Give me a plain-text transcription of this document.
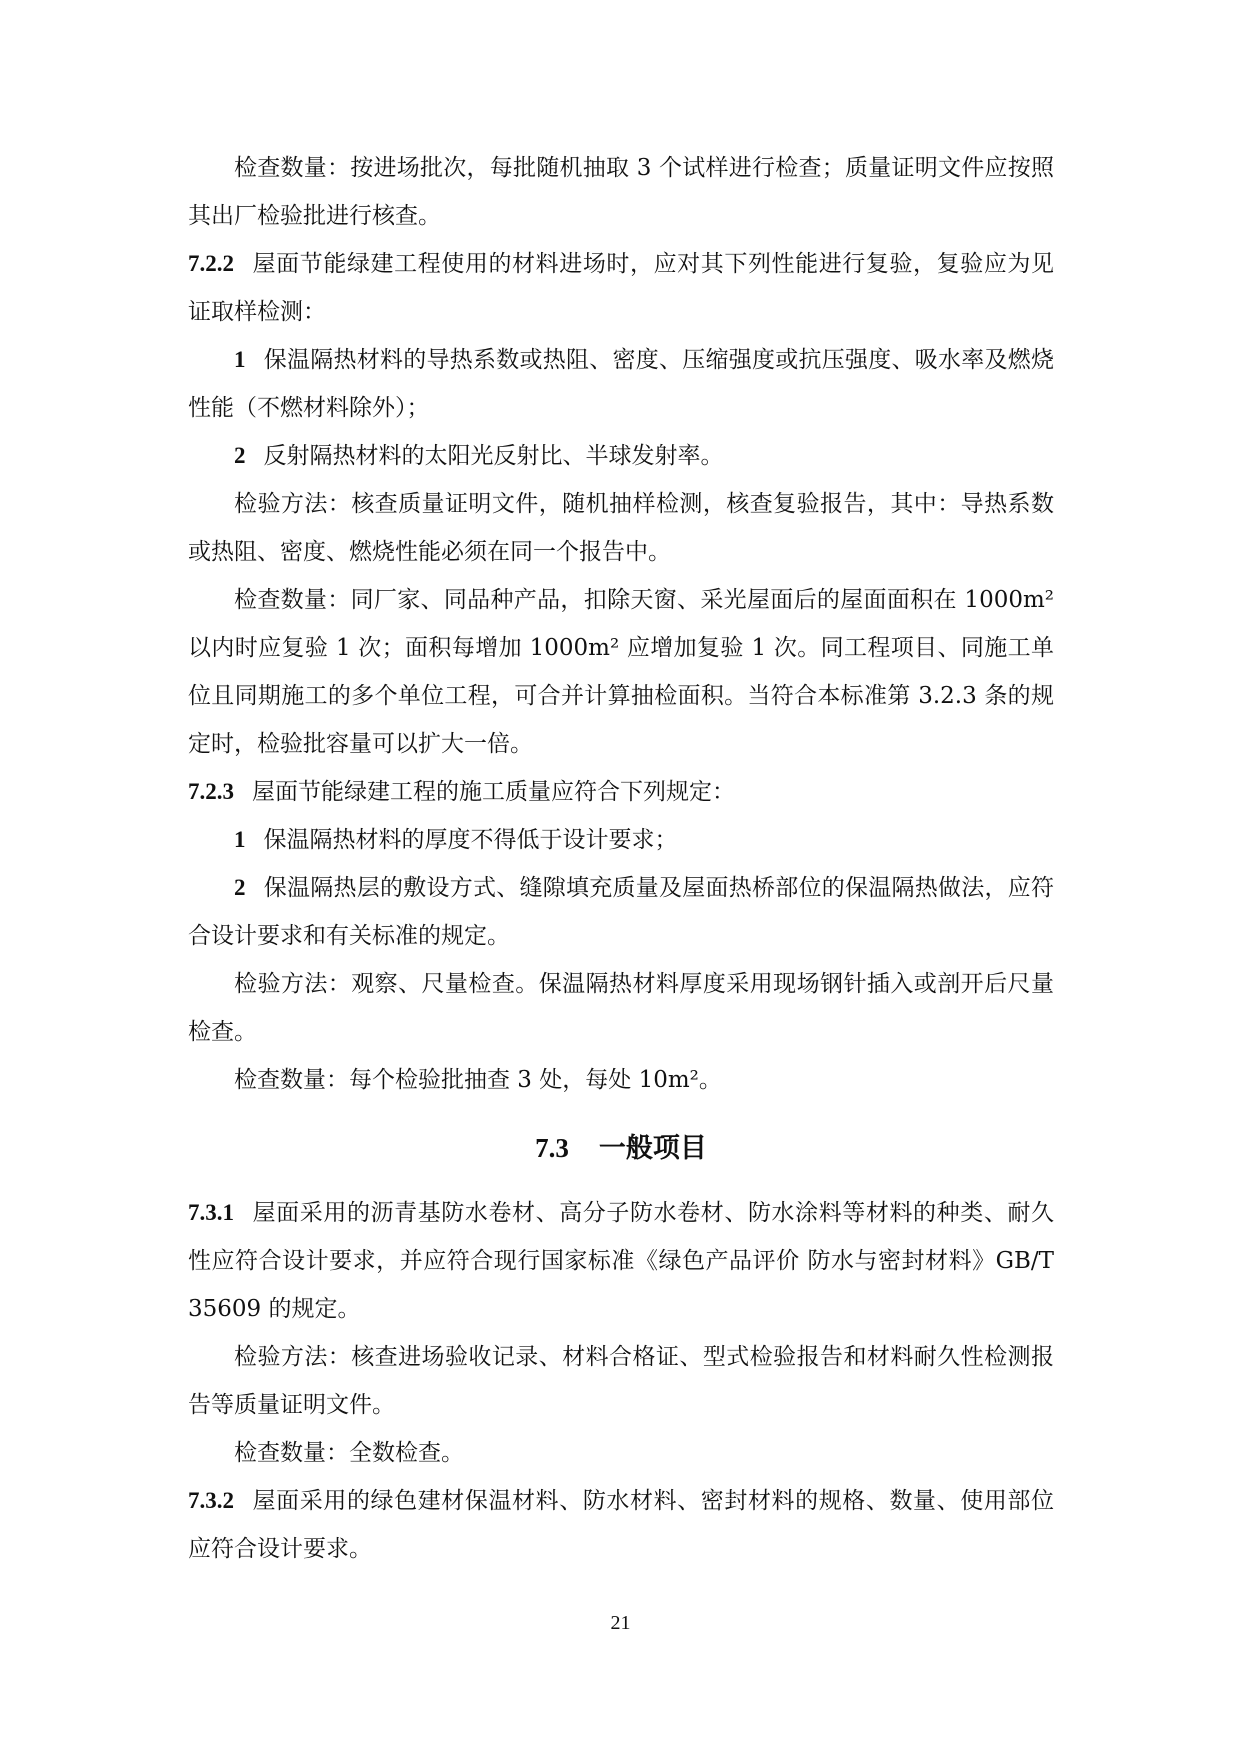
检查数量：按进场批次，每批随机抽取 3 个试样进行检查；质量证明文件应按照其出厂检验批进行核查。

7.2.2 屋面节能绿建工程使用的材料进场时，应对其下列性能进行复验，复验应为见证取样检测：

1 保温隔热材料的导热系数或热阻、密度、压缩强度或抗压强度、吸水率及燃烧性能（不燃材料除外）；

2 反射隔热材料的太阳光反射比、半球发射率。

检验方法：核查质量证明文件，随机抽样检测，核查复验报告，其中：导热系数或热阻、密度、燃烧性能必须在同一个报告中。

检查数量：同厂家、同品种产品，扣除天窗、采光屋面后的屋面面积在 1000m² 以内时应复验 1 次；面积每增加 1000m² 应增加复验 1 次。同工程项目、同施工单位且同期施工的多个单位工程，可合并计算抽检面积。当符合本标准第 3.2.3 条的规定时，检验批容量可以扩大一倍。

7.2.3 屋面节能绿建工程的施工质量应符合下列规定：

1 保温隔热材料的厚度不得低于设计要求；

2 保温隔热层的敷设方式、缝隙填充质量及屋面热桥部位的保温隔热做法，应符合设计要求和有关标准的规定。

检验方法：观察、尺量检查。保温隔热材料厚度采用现场钢针插入或剖开后尺量检查。

检查数量：每个检验批抽查 3 处，每处 10m²。

7.3 一般项目

7.3.1 屋面采用的沥青基防水卷材、高分子防水卷材、防水涂料等材料的种类、耐久性应符合设计要求，并应符合现行国家标准《绿色产品评价 防水与密封材料》GB/T 35609 的规定。

检验方法：核查进场验收记录、材料合格证、型式检验报告和材料耐久性检测报告等质量证明文件。

检查数量：全数检查。

7.3.2 屋面采用的绿色建材保温材料、防水材料、密封材料的规格、数量、使用部位应符合设计要求。

21
